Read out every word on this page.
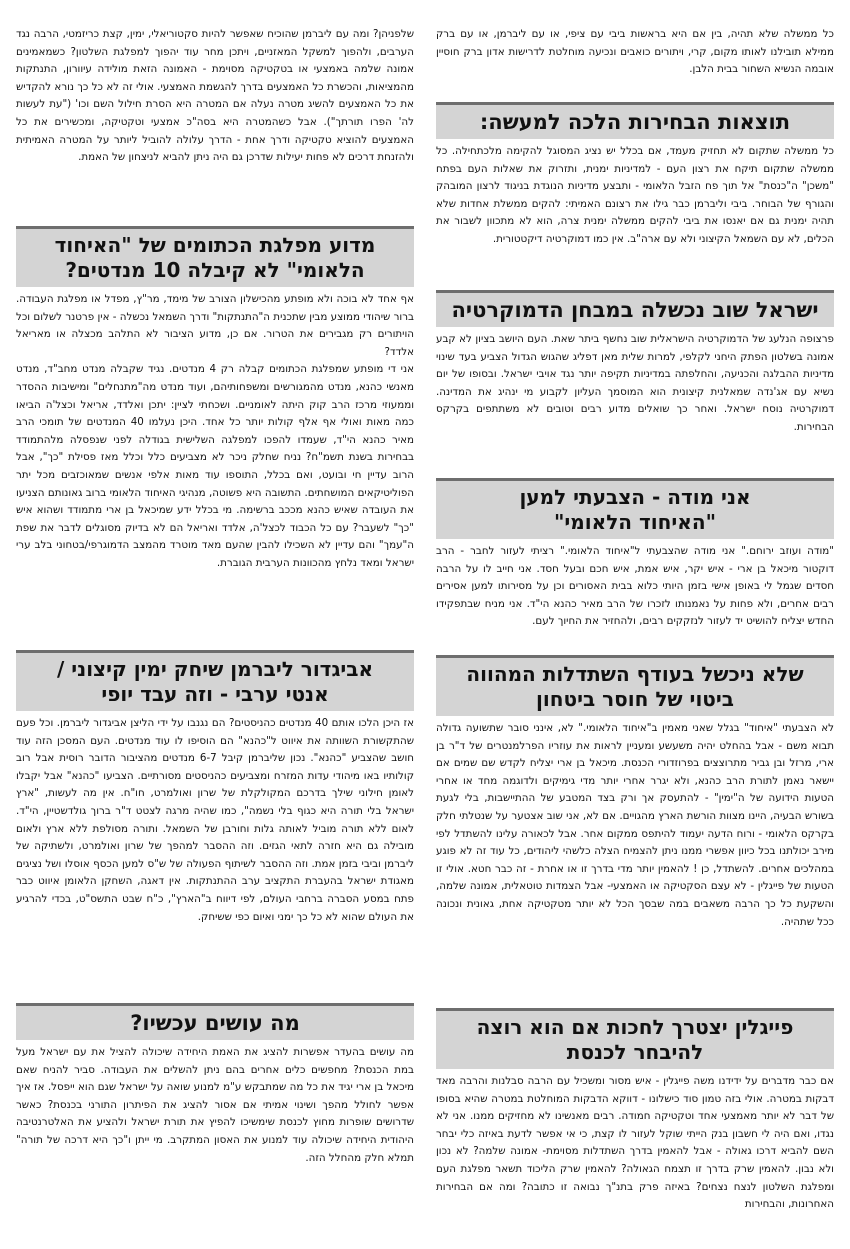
כל ממשלה שלא תהיה, בין אם היא בראשות ביבי עם ציפי, או עם ליברמן, או עם ברק ממילא תובילנו לאותו מקום, קרי, ויתורים כואבים ונכיעה מוחלטת לדרישות אדון ברק חוסיין אובמה הנשיא השחור בבית הלבן.

תוצאות הבחירות הלכה למעשה:

כל ממשלה שתקום לא תחזיק מעמד, אם בכלל יש נציג המסוגל להקימה מלכתחילה. כל ממשלה שתקום תיקח את רצון העם - למדיניות ימנית, ותזרוק את שאלות העם בפתח "משכן" ה"כנסת" אל תוך פח הזבל הלאומי - ותבצע מדיניות הנוגדת בניגוד לרצון המובהק והגורף של הבוחר. ביבי וליברמן כבר גילו את רצונם האמיתי: להקים ממשלת אחדות שלא תהיה ימנית גם אם יאנסו את ביבי להקים ממשלה ימנית צרה, הוא לא מתכוון לשבור את הכלים, לא עם השמאל הקיצוני ולא עם ארה"ב. אין כמו דמוקרטיה דיקטטורית.

ישראל שוב נכשלה במבחן הדמוקרטיה

פרצופה הנלעג של הדמוקרטיה הישראלית שוב נחשף ביתר שאת. העם היושב בציון לא קבע אמונה בשלטון הפתק היחני לקלפי, למרות שלית מאן דפליג שהגוש הגדול הצביע בעד שינוי מדיניות ההבלגה והכניעה, והחלפתה במדיניות תקיפה יותר נגד אויבי ישראל. ובסופו של יום נשיא עם אג'נדה שמאלנית קיצונית הוא המוסמך העליון לקבוע מי ינהיג את המדינה. דמוקרטיה נוסח ישראל. ואחר כך שואלים מדוע רבים וטובים לא משתתפים בקרקס הבחירות.

אני מודה - הצבעתי למען
"האיחוד הלאומי"

"מודה ועוזב ירוחם." אני מודה שהצבעתי ל"איחוד הלאומי." רציתי לעזור לחבר - הרב דוקטור מיכאל בן ארי - איש יקר, איש אמת, איש חכם ובעל חסד. אני חייב לו על הרבה חסדים שגמל לי באופן אישי בזמן היותי כלוא בבית האסורים וכן על מסירותו למען אסירים רבים אחרים, ולא פחות על נאמנותו לזכרו של הרב מאיר כהנא הי"ד. אני מניח שבתפקידו החדש יצליח להושיט יד לעזור לנזקקים רבים, ולהחזיר את החיוך לעם.

שלא ניכשל בעודף השתדלות המהווה
ביטוי של חוסר ביטחון

לא הצבעתי "איחוד" בגלל שאני מאמין ב"איחוד הלאומי." לא, אינני סובר שתשועה גדולה תבוא משם - אבל בהחלט יהיה משעשע ומעניין לראות את עוזריו הפרלמנטרים של ד"ר בן ארי, מרזל ובן גביר מתרוצצים בפרוזדורי הכנסת. מיכאל בן ארי יצליח לקדש שם שמים אם יישאר נאמן לתורת הרב כהנא, ולא יגרר אחרי יותר מדי גימיקים ולדוגמה מחד או אחרי הטעות הידועה של ה"ימין" - להתעסק אך ורק בצד המטבע של ההתיישבות, בלי לגעת בשורש הבעיה, היינו מצוות הורשת הארץ מהגויים. אם לא, אני שוב אצטער על שנטלתי חלק בקרקס הלאומי - ורוח הדעה יעמוד להיתפס ממקום אחר. אבל לכאורה עלינו להשתדל לפי מירב יכולתנו בכל כיוון אפשרי ממנו ניתן להצמיח הצלה כלשהי ליהודים, כל עוד זה לא פוגע במהלכים אחרים. להשתדל, כן ! להאמין יותר מדי בדרך זו או אחרת - זה כבר חטא. אולי זו הטעות של פייגלין - לא עצם הסקטיקה או האמצעי- אבל הצמדות טוטאלית, אמונה שלמה, והשקעת כל כך הרבה משאבים במה שבסך הכל לא יותר מטקטיקה אחת, גאונית ונכונה ככל שתהיה.

פייגלין יצטרך לחכות אם הוא רוצה
להיבחר לכנסת

אם כבר מדברים על ידידנו משה פייגלין - איש מסור ומשכיל עם הרבה סבלנות והרבה מאד דבקות במטרה. אולי בזה טמון סוד כישלונו - דווקא הדבקות המוחלטת במטרה שהיא בסופו של דבר לא יותר מאמצעי אחד וטקטיקה חמודה. רבים מאנשינו לא מחזיקים ממנו. אני לא נגדו, ואם היה לי חשבון בנק הייתי שוקל לעזור לו קצת, כי אי אפשר לדעת באיזה כלי יבחר השם להביא דרכו גאולה - אבל להאמין בדרך השתדלות מסוימת- אמונה שלמה? לא נכון ולא נבון. להאמין שרק בדרך זו תצמח הגאולה? להאמין שרק הליכוד תשאר מפלגת העם ומפלגת השלטון לנצח נצחים? באיזה פרק בתנ"ך נבואה זו כתובה? ומה אם הבחירות האחרונות, והבחירות

שלפניהן? ומה עם ליברמן שהוכיח שאפשר להיות סקטוריאלי, ימין, קצת כריזמטי, הרבה נגד הערבים, ולהפוך למשקל המאזניים, ויתכן מחר עוד יהפוך למפלגת השלטון? כשמאמינים אמונה שלמה באמצעי או בטקטיקה מסוימת - האמונה הזאת מולידה עיוורון, התנתקות מהמציאות, והכשרת כל האמצעים בדרך להגשמת האמצעי. אולי זה לא כל כך נורא להקדיש את כל האמצעים להשיג מטרה נעלה אם המטרה היא הסרת חילול השם וכו' ("עת לעשות לה' הפרו תורתך"). אבל כשהמטרה היא בסה"כ אמצעי וטקטיקה, ומכשירים את כל האמצעים להוציא טקטיקה ודרך אחת - הדרך עלולה להוביל ליותר על המטרה האמיתית ולהזנחת דרכים לא פחות יעילות שדרכן גם היה ניתן להביא לניצחון של האמת.

מדוע מפלגת הכתומים של "האיחוד
הלאומי" לא קיבלה 10 מנדטים?

אף אחד לא בוכה ולא מופתע מהכישלון הצורב של מימד, מר"ץ, מפדל או מפלגת העבודה. ברור שיהודי ממוצע מבין שתכנית ה"התנתקות" ודרך השמאל נכשלה - אין פרטנר לשלום וכל הויתורים רק מגבירים את הטרור. אם כן, מדוע הציבור לא התלהב מכצלה או מאריאל אלדד?
אני די מופתע שמפלגת הכתומים קבלה רק 4 מנדטים. נגיד שקבלה מנדט מחב"ד, מנדט מאנשי כהנא, מנדט מהמגורשים ומשפחותיהם, ועוד מנדט מה"מתנחלים" ומישיבות ההסדר וממעוזי מרכז הרב קוק היתה לאומניים. ושכחתי לציין: יתכן ואלדד, אריאל וכצל'ה הביאו כמה מאות ואולי אף אלף קולות יותר כל אחד. היכן נעלמו 40 המנדטים של תומכי הרב מאיר כהנא הי"ד, שעמדו להפכו למפלגה השלישית בגודלה לפני שנפסלה מלהתמודד בבחירות בשנת תשמ"ח? נניח שחלק ניכר לא מצביעים כלל וכלל מאז פסילת "כך", אבל הרוב עדיין חי ובועט, ואם בכלל, התוספו עוד מאות אלפי אנשים שמאוכזבים מכל יתר הפוליטיקאים המושחתים. התשובה היא פשוטה, מנהיגי האיחוד הלאומי ברוב גאונותם הצניעו את העובדה שאיש כהנא מככב ברשימה. מי בכלל ידע שמיכאל בן ארי מתמודד ושהוא איש "כך" לשעבר? עם כל הכבוד לכצל'ה, אלדד ואריאל הם לא בדיוק מסוגלים לדבר את שפת ה"עמך" והם עדיין לא השכילו להבין שהעם מאד מוטרד מהמצב הדמוגרפי/בטחוני בלב ערי ישראל ומאד נלחץ מהכוונות הערבית הגוברת.

אביגדור ליברמן שיחק ימין קיצוני /
אנטי ערבי - וזה עבד יופי

אז היכן הלכו אותם 40 מנדטים כהניסטים? הם נגנבו על ידי הליצן אביגדור ליברמן. וכל פעם שהתקשורת השוותה את איווט ל"כהנא" הם הוסיפו לו עוד מנדטים. העם המסכן הזה עוד חושב שהצביע "כהנא". נכון שליברמן קיבל 6-7 מנדטים מהציבור הדובר רוסית אבל רוב קולותיו באו מיהודי עדות המזרח ומצביעים כהניסטים מסורתיים. הצביעו "כהנא" אבל יקבלו לאומן חילוני שילך בדרכם המקולקלת של שרון ואולמרט, חו"ח. אין מה לעשות, "ארץ ישראל בלי תורה היא כגוף בלי נשמה", כמו שהיה מרגה לצטט ד"ר ברוך גולדשטיין, הי"ד. לאום ללא תורה מוביל לאותה גלות וחורבן של השמאל. ותורה מסולפת ללא ארץ ולאום מובילה גם היא חזרה לתאי הגזים. וזה ההסבר למהפך של שרון ואולמרט, ולשתיקה של ליברמן וביבי בזמן אמת. וזה ההסבר לשיתוף הפעולה של ש"ס למען הכסף אוסלו ושל נציגים מאגודת ישראל בהעברת התקציב ערב ההתנתקות. אין דאגה, השחקן הלאומן איווט כבר פתח במסע הסברה ברחבי העולם, לפי דיווח ב"הארץ", כ"ח שבט התשס"ט, בכדי להרגיע את העולם שהוא לא כל כך ימני ואיום כפי ששיחק.

מה עושים עכשיו?

מה עושים בהעדר אפשרות להציג את האמת היחידה שיכולה להציל את עם ישראל מעל במת הכנסת? מחפשים כלים אחרים בהם ניתן להשלים את העבודה. סביר להניח שאם מיכאל בן ארי יגיד את כל מה שמתבקש ע"מ למנוע שואה על ישראל שגם הוא ייפסל. אז איך אפשר לחולל מהפך ושינוי אמיתי אם אסור להציג את הפיתרון התורני בכנסת? כאשר שדרושים שופרות מחוץ לכנסת שימשיכו להפיץ את תורת ישראל ולהציע את האלטרנטיבה היהודית היחידה שיכולה עוד למנוע את האסון המתקרב. מי ייתן ו"כך היא דרכה של תורה" תמלא חלק מהחלל הזה.
